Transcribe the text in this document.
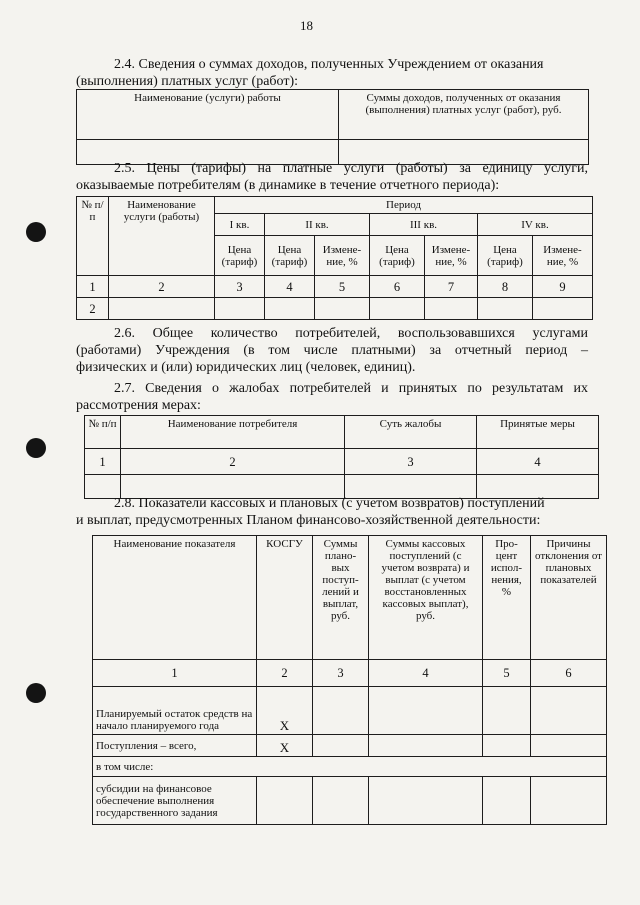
18
2.4. Сведения о суммах доходов, полученных Учреждением от оказания
(выполнения) платных услуг (работ):
Наименование (услуги) работы	Суммы доходов, полученных от оказания (выполнения) платных услуг (работ), руб.

2.5. Цены (тарифы) на платные услуги (работы) за единицу услуги,
оказываемые потребителям (в динамике в течение отчетного периода):
№ п/п	Наименование услуги (работы)	Период						
		I кв.	II кв.		III кв.		IV кв.	
		Цена (тариф)	Цена (тариф)	Измене- ние, %	Цена (тариф)	Измене- ние, %	Цена (тариф)	Измене- ние, %
1	2	3	4	5	6	7	8	9
2								
2.6. Общее количество потребителей, воспользовавшихся услугами
(работами) Учреждения (в том числе платными) за отчетный период –
физических и (или) юридических лиц (человек, единиц).
2.7. Сведения о жалобах потребителей и принятых по результатам их
рассмотрения мерах:
№ п/п	Наименование потребителя	Суть жалобы	Принятые меры
1	2	3	4

2.8. Показатели кассовых и плановых (с учетом возвратов) поступлений
и выплат, предусмотренных Планом финансово-хозяйственной деятельности:
Наименование показателя	КОСГУ	Суммы плано- вых поступ- лений и выплат, руб.	Суммы кассовых поступлений (с учетом возврата) и выплат (с учетом восстановленных кассовых выплат), руб.	Про- цент испол- нения, %	Причины отклонения от плановых показателей
1	2	3	4	5	6
Планируемый остаток средств на начало планируемого года	X				
Поступления – всего,	X				
в том числе:					
субсидии на финансовое обеспечение выполнения государственного задания					
